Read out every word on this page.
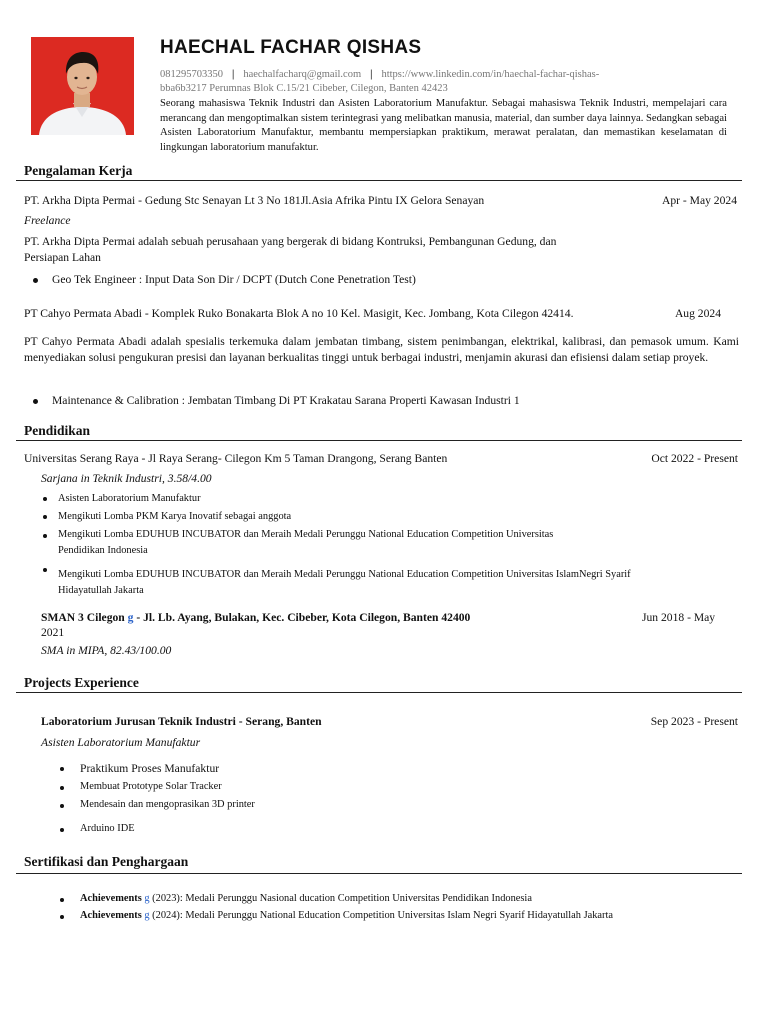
HAECHAL FACHAR QISHAS
081295703350 | haechalfacharq@gmail.com | https://www.linkedin.com/in/haechal-fachar-qishas-
bba6b3217 Perumnas Blok C.15/21 Cibeber, Cilegon, Banten 42423
Seorang mahasiswa Teknik Industri dan Asisten Laboratorium Manufaktur. Sebagai mahasiswa Teknik Industri, mempelajari cara merancang dan mengoptimalkan sistem terintegrasi yang melibatkan manusia, material, dan sumber daya lainnya. Sedangkan sebagai Asisten Laboratorium Manufaktur, membantu mempersiapkan praktikum, merawat peralatan, dan memastikan keselamatan di lingkungan laboratorium manufaktur.
Pengalaman Kerja
PT. Arkha Dipta Permai - Gedung Stc Senayan Lt 3 No 181Jl.Asia Afrika Pintu IX Gelora Senayan	Apr - May 2024
Freelance
PT. Arkha Dipta Permai adalah sebuah perusahaan yang bergerak di bidang Kontruksi, Pembangunan Gedung, dan
Persiapan Lahan
Geo Tek Engineer : Input Data Son Dir / DCPT (Dutch Cone Penetration Test)
PT Cahyo Permata Abadi - Komplek Ruko Bonakarta Blok A no 10 Kel. Masigit, Kec. Jombang, Kota Cilegon 42414.	Aug 2024
PT Cahyo Permata Abadi adalah spesialis terkemuka dalam jembatan timbang, sistem penimbangan, elektrikal, kalibrasi, dan pemasok umum. Kami menyediakan solusi pengukuran presisi dan layanan berkualitas tinggi untuk berbagai industri, menjamin akurasi dan efisiensi dalam setiap proyek.
Maintenance & Calibration : Jembatan Timbang Di PT Krakatau Sarana Properti Kawasan Industri 1
Pendidikan
Universitas Serang Raya - Jl Raya Serang- Cilegon Km 5 Taman Drangong, Serang Banten	Oct 2022 - Present
Sarjana in Teknik Industri, 3.58/4.00
Asisten Laboratorium Manufaktur
Mengikuti Lomba PKM Karya Inovatif sebagai anggota
Mengikuti Lomba EDUHUB INCUBATOR dan Meraih Medali Perunggu National Education Competition Universitas
Pendidikan Indonesia
Mengikuti Lomba EDUHUB INCUBATOR dan Meraih Medali Perunggu National Education Competition Universitas IslamNegri Syarif
Hidayatullah Jakarta
SMAN 3 Cilegon g - Jl. Lb. Ayang, Bulakan, Kec. Cibeber, Kota Cilegon, Banten 42400	Jun 2018 - May
2021
SMA in MIPA, 82.43/100.00
Projects Experience
Laboratorium Jurusan Teknik Industri - Serang, Banten	Sep 2023 - Present
Asisten Laboratorium Manufaktur
Praktikum Proses Manufaktur
Membuat Prototype Solar Tracker
Mendesain dan mengoprasikan 3D printer
Arduino IDE
Sertifikasi dan Penghargaan
Achievements g (2023): Medali Perunggu Nasional ducation Competition Universitas Pendidikan Indonesia
Achievements g (2024): Medali Perunggu National Education Competition Universitas Islam Negri Syarif Hidayatullah Jakarta
